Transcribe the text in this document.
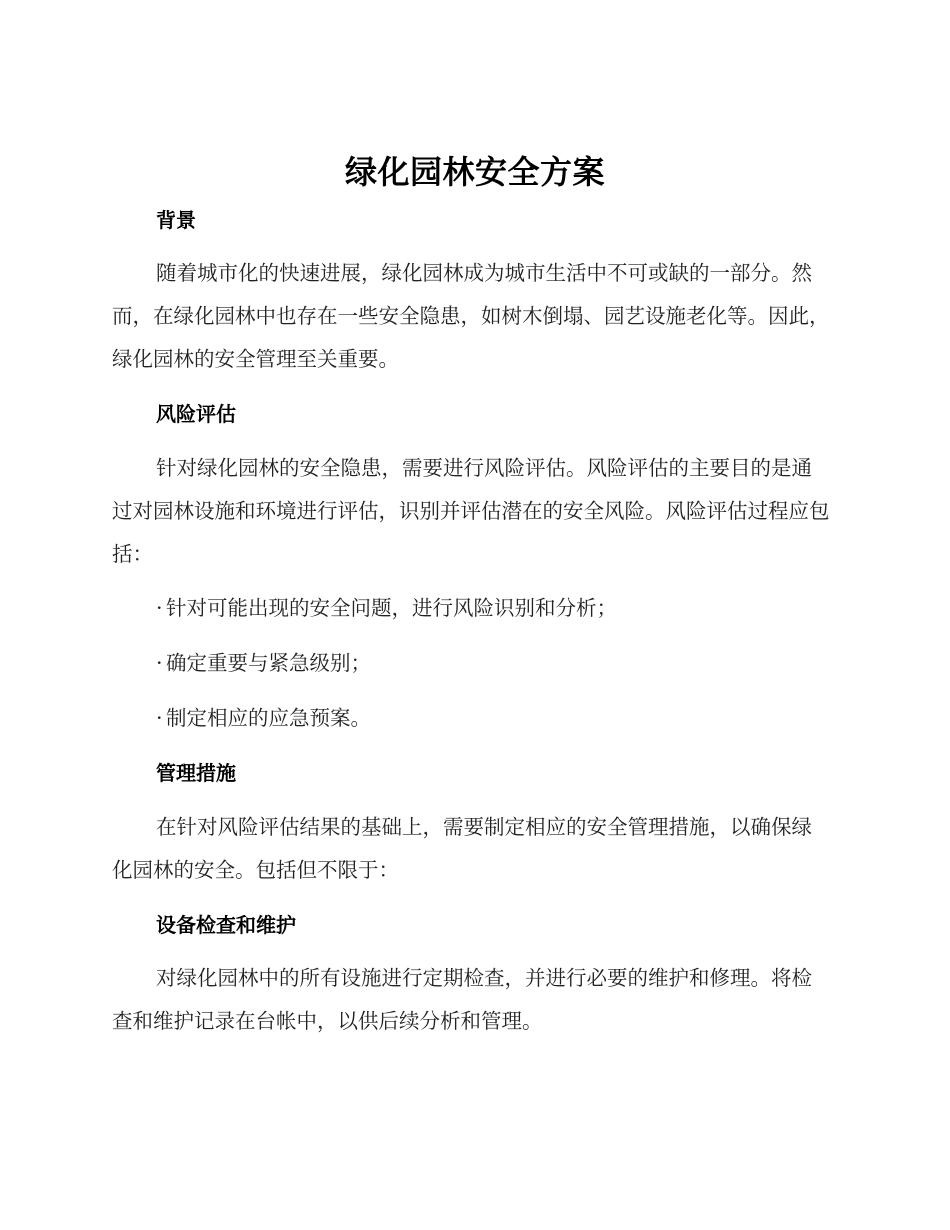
绿化园林安全方案
背景
随着城市化的快速进展，绿化园林成为城市生活中不可或缺的一部分。然而，在绿化园林中也存在一些安全隐患，如树木倒塌、园艺设施老化等。因此，绿化园林的安全管理至关重要。
风险评估
针对绿化园林的安全隐患，需要进行风险评估。风险评估的主要目的是通过对园林设施和环境进行评估，识别并评估潜在的安全风险。风险评估过程应包括：
· 针对可能出现的安全问题，进行风险识别和分析；
· 确定重要与紧急级别；
· 制定相应的应急预案。
管理措施
在针对风险评估结果的基础上，需要制定相应的安全管理措施，以确保绿化园林的安全。包括但不限于：
设备检查和维护
对绿化园林中的所有设施进行定期检查，并进行必要的维护和修理。将检查和维护记录在台帐中，以供后续分析和管理。
